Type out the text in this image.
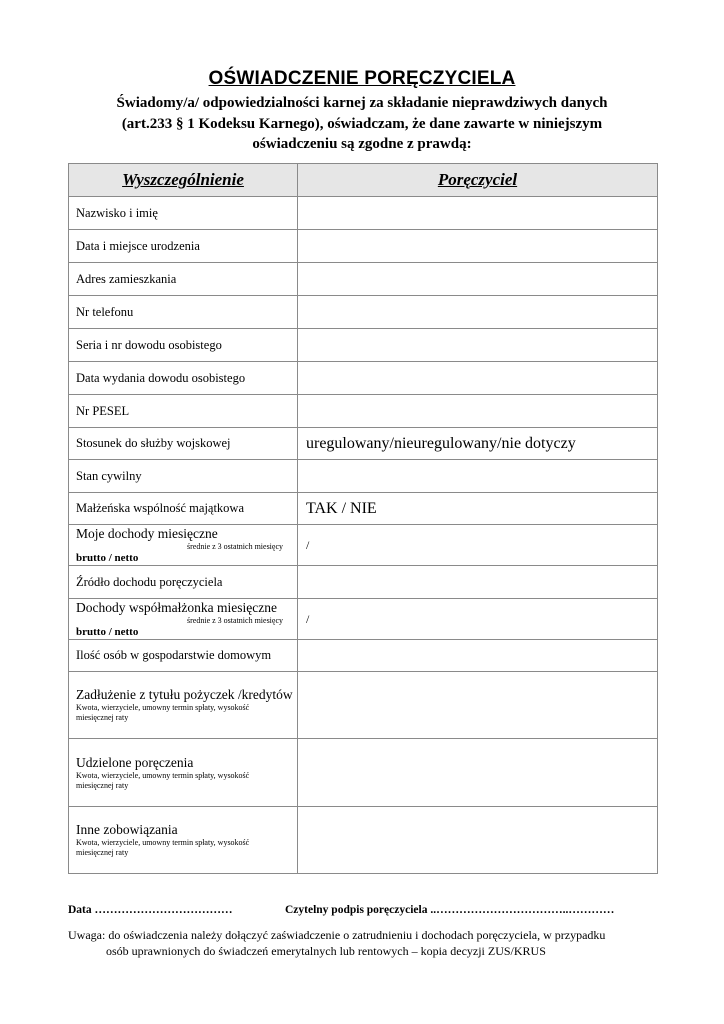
OŚWIADCZENIE PORĘCZYCIELA
Świadomy/a/ odpowiedzialności karnej za składanie nieprawdziwych danych
(art.233 § 1 Kodeksu Karnego), oświadczam, że dane zawarte w niniejszym
oświadczeniu są zgodne z prawdą:
Wyszczególnienie	Poręczyciel
Nazwisko i imię	
Data i miejsce urodzenia	
Adres zamieszkania	
Nr telefonu	
Seria i nr dowodu osobistego	
Data wydania dowodu osobistego	
Nr PESEL	
Stosunek do służby wojskowej	uregulowany/nieuregulowany/nie dotyczy
Stan cywilny	
Małżeńska wspólność majątkowa	TAK / NIE

Moje dochody miesięczne
średnie z 3 ostatnich miesięcy
brutto / netto	/
Źródło dochodu poręczyciela	

Dochody współmałżonka miesięczne
średnie z 3 ostatnich miesięcy
brutto / netto	/
Ilość osób w gospodarstwie domowym	

Zadłużenie z tytułu pożyczek /kredytów
Kwota, wierzyciele, umowny termin spłaty, wysokość
miesięcznej raty	

Udzielone poręczenia
Kwota, wierzyciele, umowny termin spłaty, wysokość
miesięcznej raty	

Inne zobowiązania
Kwota, wierzyciele, umowny termin spłaty, wysokość
miesięcznej raty	

Data ………………………………	Czytelny podpis poręczyciela ..……………………………..…………
Uwaga: do oświadczenia należy dołączyć zaświadczenie o zatrudnieniu i dochodach poręczyciela, w przypadku
osób uprawnionych do świadczeń emerytalnych lub rentowych – kopia decyzji ZUS/KRUS
